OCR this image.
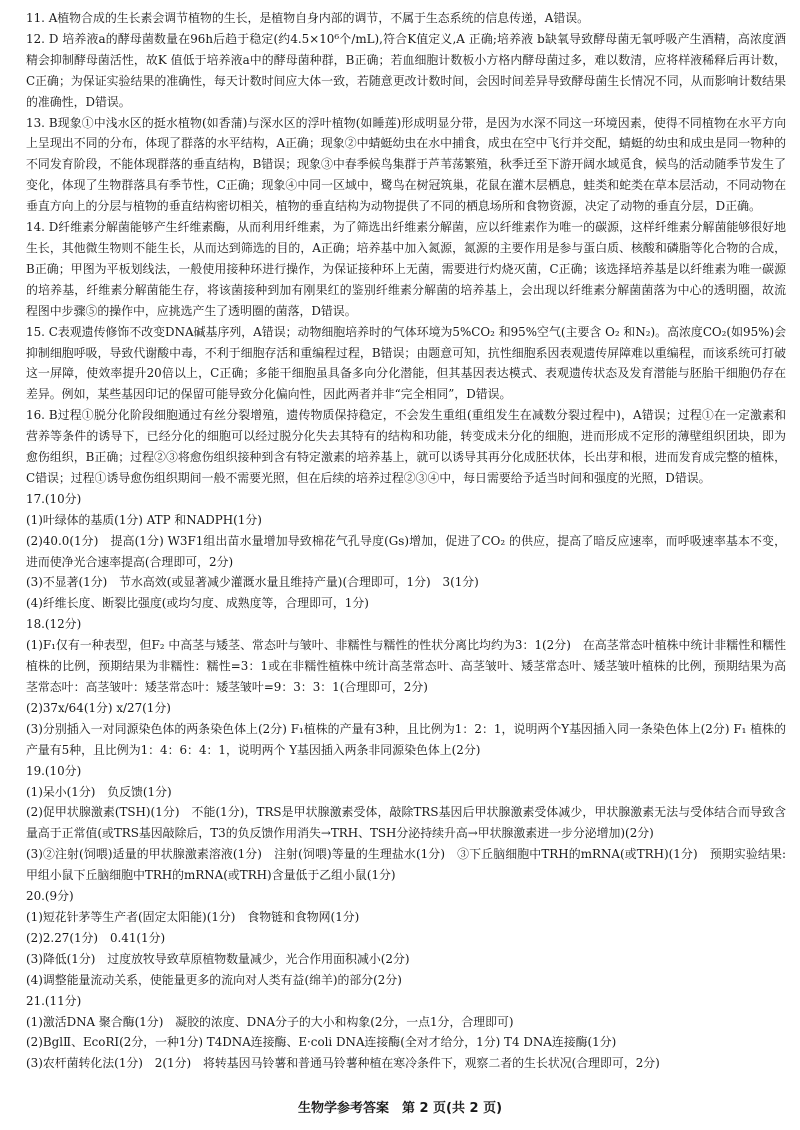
11. A植物合成的生长素会调节植物的生长，是植物自身内部的调节，不属于生态系统的信息传递，A错误。

12. D 培养液a的酵母菌数量在96h后趋于稳定(约4.5×10⁶个/mL),符合K值定义,A 正确;培养液 b缺氧导致酵母菌无氧呼吸产生酒精，高浓度酒精会抑制酵母菌活性，故K 值低于培养液a中的酵母菌种群，B正确；若血细胞计数板小方格内酵母菌过多，难以数清，应将样液稀释后再计数，C正确；为保证实验结果的准确性，每天计数时间应大体一致，若随意更改计数时间，会因时间差异导致酵母菌生长情况不同，从而影响计数结果的准确性，D错误。

13. B现象①中浅水区的挺水植物(如香蒲)与深水区的浮叶植物(如睡莲)形成明显分带，是因为水深不同这一环境因素，使得不同植物在水平方向上呈现出不同的分布，体现了群落的水平结构，A正确；现象②中蜻蜓幼虫在水中捕食，成虫在空中飞行并交配，蜻蜓的幼虫和成虫是同一物种的不同发育阶段，不能体现群落的垂直结构，B错误；现象③中春季候鸟集群于芦苇荡繁殖，秋季迁至下游开阔水域觅食，候鸟的活动随季节发生了变化，体现了生物群落具有季节性，C正确；现象④中同一区域中，鹭鸟在树冠筑巢，花鼠在灌木层栖息，蛙类和蛇类在草本层活动，不同动物在垂直方向上的分层与植物的垂直结构密切相关，植物的垂直结构为动物提供了不同的栖息场所和食物资源，决定了动物的垂直分层，D正确。

14. D纤维素分解菌能够产生纤维素酶，从而利用纤维素，为了筛选出纤维素分解菌，应以纤维素作为唯一的碳源，这样纤维素分解菌能够很好地生长，其他微生物则不能生长，从而达到筛选的目的，A正确；培养基中加入氮源，氮源的主要作用是参与蛋白质、核酸和磷脂等化合物的合成，B正确；甲图为平板划线法，一般使用接种环进行操作，为保证接种环上无菌，需要进行灼烧灭菌，C正确；该选择培养基是以纤维素为唯一碳源的培养基，纤维素分解菌能生存，将该菌接种到加有刚果红的鉴别纤维素分解菌的培养基上，会出现以纤维素分解菌菌落为中心的透明圈，故流程图中步骤⑤的操作中，应挑选产生了透明圈的菌落，D错误。

15. C表观遗传修饰不改变DNA碱基序列，A错误；动物细胞培养时的气体环境为5%CO₂ 和95%空气(主要含 O₂ 和N₂)。高浓度CO₂(如95%)会抑制细胞呼吸，导致代谢酸中毒，不利于细胞存活和重编程过程，B错误；由题意可知，抗性细胞系因表观遗传屏障难以重编程，而该系统可打破这一屏障，使效率提升20倍以上，C正确；多能干细胞虽具备多向分化潜能，但其基因表达模式、表观遗传状态及发育潜能与胚胎干细胞仍存在差异。例如，某些基因印记的保留可能导致分化偏向性，因此两者并非“完全相同”，D错误。

16. B过程①脱分化阶段细胞通过有丝分裂增殖，遗传物质保持稳定，不会发生重组(重组发生在减数分裂过程中)，A错误；过程①在一定激素和营养等条件的诱导下，已经分化的细胞可以经过脱分化失去其特有的结构和功能，转变成未分化的细胞，进而形成不定形的薄壁组织团块，即为愈伤组织，B正确；过程②③将愈伤组织接种到含有特定激素的培养基上，就可以诱导其再分化成胚状体，长出芽和根，进而发育成完整的植株，C错误；过程①诱导愈伤组织期间一般不需要光照，但在后续的培养过程②③④中，每日需要给予适当时间和强度的光照，D错误。

17.(10分)

(1)叶绿体的基质(1分) ATP 和NADPH(1分)

(2)40.0(1分)　提高(1分) W3F1组出苗水量增加导致棉花气孔导度(Gs)增加，促进了CO₂ 的供应，提高了暗反应速率，而呼吸速率基本不变，进而使净光合速率提高(合理即可，2分)

(3)不显著(1分)　节水高效(或显著减少灌溉水量且维持产量)(合理即可，1分)　3(1分)

(4)纤维长度、断裂比强度(或均匀度、成熟度等，合理即可，1分)

18.(12分)

(1)F₁仅有一种表型，但F₂ 中高茎与矮茎、常态叶与皱叶、非糯性与糯性的性状分离比均约为3：1(2分)　在高茎常态叶植株中统计非糯性和糯性植株的比例，预期结果为非糯性：糯性=3：1或在非糯性植株中统计高茎常态叶、高茎皱叶、矮茎常态叶、矮茎皱叶植株的比例，预期结果为高茎常态叶：高茎皱叶：矮茎常态叶：矮茎皱叶=9：3：3：1(合理即可，2分)

(2)37x/64(1分) x/27(1分)

(3)分别插入一对同源染色体的两条染色体上(2分) F₁植株的产量有3种，且比例为1：2：1，说明两个Y基因插入同一条染色体上(2分) F₁ 植株的产量有5种，且比例为1：4：6：4：1，说明两个 Y基因插入两条非同源染色体上(2分)

19.(10分)

(1)呆小(1分)　负反馈(1分)

(2)促甲状腺激素(TSH)(1分)　不能(1分)，TRS是甲状腺激素受体，敲除TRS基因后甲状腺激素受体减少，甲状腺激素无法与受体结合而导致含量高于正常值(或TRS基因敲除后，T3的负反馈作用消失→TRH、TSH分泌持续升高→甲状腺激素进一步分泌增加)(2分)

(3)②注射(饲喂)适量的甲状腺激素溶液(1分)　注射(饲喂)等量的生理盐水(1分)　③下丘脑细胞中TRH的mRNA(或TRH)(1分)　预期实验结果:甲组小鼠下丘脑细胞中TRH的mRNA(或TRH)含量低于乙组小鼠(1分)

20.(9分)

(1)短花针茅等生产者(固定太阳能)(1分)　食物链和食物网(1分)

(2)2.27(1分)　0.41(1分)

(3)降低(1分)　过度放牧导致草原植物数量减少，光合作用面积减小(2分)

(4)调整能量流动关系，使能量更多的流向对人类有益(绵羊)的部分(2分)

21.(11分)

(1)激活DNA 聚合酶(1分)　凝胶的浓度、DNA分子的大小和构象(2分，一点1分，合理即可)

(2)BglⅡ、EcoRⅠ(2分，一种1分) T4DNA连接酶、E·coli DNA连接酶(全对才给分，1分) T4 DNA连接酶(1分)

(3)农杆菌转化法(1分)　2(1分)　将转基因马铃薯和普通马铃薯种植在寒冷条件下，观察二者的生长状况(合理即可，2分)

生物学参考答案　第 2 页(共 2 页)
